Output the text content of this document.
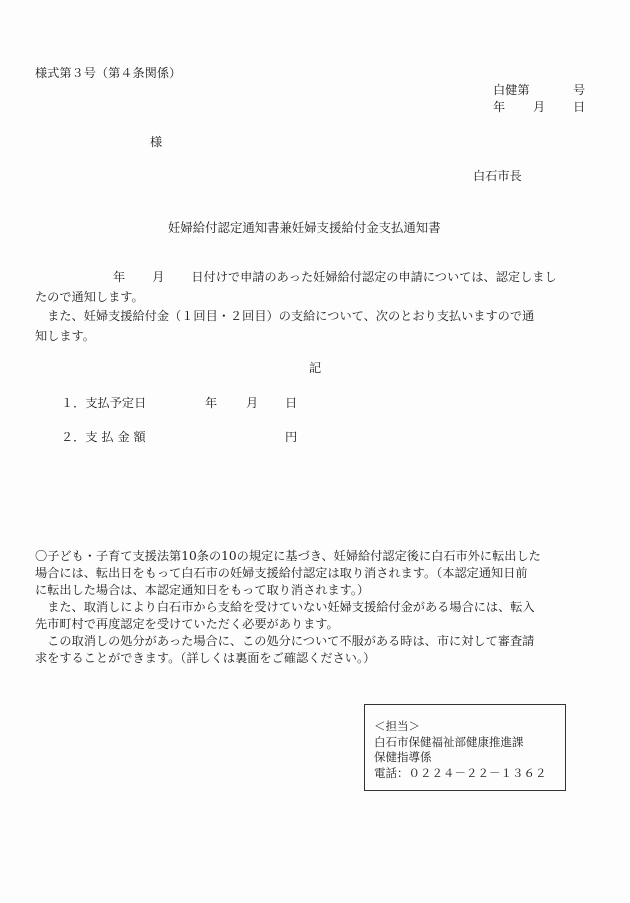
様式第３号（第４条関係）
白健第	号
年 月 日
様
白石市長
妊婦給付認定通知書兼妊婦支援給付金支払通知書
年 月 日付けで申請のあった妊婦給付認定の申請については、認定しまし
たので通知します。
　また、妊婦支援給付金（１回目・２回目）の支給について、次のとおり支払いますので通
知します。
記
１．支払予定日	年 月 日
２．支 払 金 額	円
〇子ども・子育て支援法第10条の10の規定に基づき、妊婦給付認定後に白石市外に転出した
場合には、転出日をもって白石市の妊婦支援給付認定は取り消されます。（本認定通知日前
に転出した場合は、本認定通知日をもって取り消されます。）
　また、取消しにより白石市から支給を受けていない妊婦支援給付金がある場合には、転入
先市町村で再度認定を受けていただく必要があります。
　この取消しの処分があった場合に、この処分について不服がある時は、市に対して審査請
求をすることができます。（詳しくは裏面をご確認ください。）
＜担当＞
白石市保健福祉部健康推進課
保健指導係
電話：０２２４－２２－１３６２
